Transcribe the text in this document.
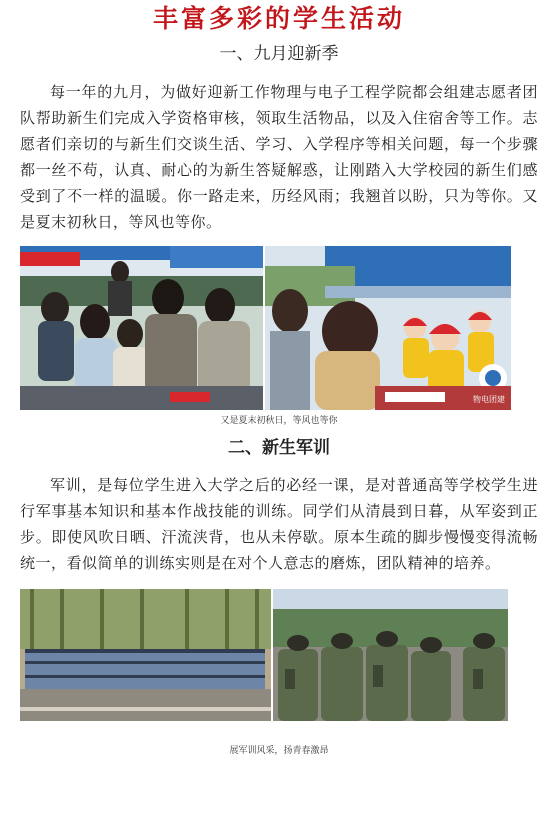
丰富多彩的学生活动
一、九月迎新季

每一年的九月，为做好迎新工作物理与电子工程学院都会组建志愿者团队帮助新生们完成入学资格审核，领取生活物品，以及入住宿舍等工作。志愿者们亲切的与新生们交谈生活、学习、入学程序等相关问题，每一个步骤都一丝不苟，认真、耐心的为新生答疑解惑，让刚踏入大学校园的新生们感受到了不一样的温暖。你一路走来，历经风雨；我翘首以盼，只为等你。又是夏末初秋日，等风也等你。

物电团建
又是夏末初秋日，等风也等你
二、新生军训

军训，是每位学生进入大学之后的必经一课，是对普通高等学校学生进行军事基本知识和基本作战技能的训练。同学们从清晨到日暮，从军姿到正步。即使风吹日晒、汗流浃背，也从未停歇。原本生疏的脚步慢慢变得流畅统一，看似简单的训练实则是在对个人意志的磨炼，团队精神的培养。

展军训风采，扬青春激昂
